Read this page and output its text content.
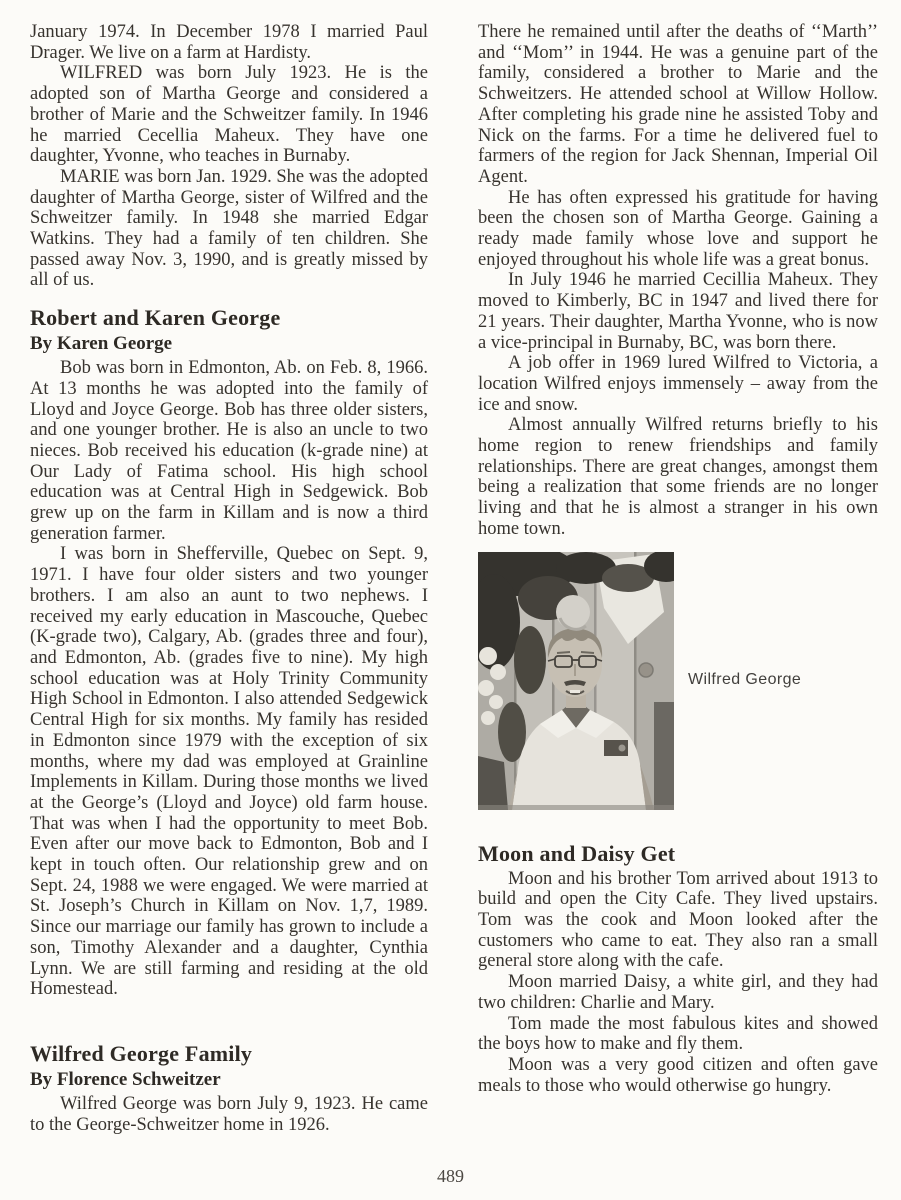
January 1974. In December 1978 I married Paul Drager. We live on a farm at Hardisty.

WILFRED was born July 1923. He is the adopted son of Martha George and considered a brother of Marie and the Schweitzer family. In 1946 he married Cecellia Maheux. They have one daughter, Yvonne, who teaches in Burnaby.

MARIE was born Jan. 1929. She was the adopted daughter of Martha George, sister of Wilfred and the Schweitzer family. In 1948 she married Edgar Watkins. They had a family of ten children. She passed away Nov. 3, 1990, and is greatly missed by all of us.

Robert and Karen George
By Karen George

Bob was born in Edmonton, Ab. on Feb. 8, 1966. At 13 months he was adopted into the family of Lloyd and Joyce George. Bob has three older sisters, and one younger brother. He is also an uncle to two nieces. Bob received his education (k-grade nine) at Our Lady of Fatima school. His high school education was at Central High in Sedgewick. Bob grew up on the farm in Killam and is now a third generation farmer.

I was born in Shefferville, Quebec on Sept. 9, 1971. I have four older sisters and two younger brothers. I am also an aunt to two nephews. I received my early education in Mascouche, Quebec (K-grade two), Calgary, Ab. (grades three and four), and Edmonton, Ab. (grades five to nine). My high school education was at Holy Trinity Community High School in Edmonton. I also attended Sedgewick Central High for six months. My family has resided in Edmonton since 1979 with the exception of six months, where my dad was employed at Grainline Implements in Killam. During those months we lived at the George’s (Lloyd and Joyce) old farm house. That was when I had the opportunity to meet Bob. Even after our move back to Edmonton, Bob and I kept in touch often. Our relationship grew and on Sept. 24, 1988 we were engaged. We were married at St. Joseph’s Church in Killam on Nov. 1,7, 1989. Since our marriage our family has grown to include a son, Timothy Alexander and a daughter, Cynthia Lynn. We are still farming and residing at the old Homestead.

Wilfred George Family
By Florence Schweitzer

Wilfred George was born July 9, 1923. He came to the George-Schweitzer home in 1926.

There he remained until after the deaths of ‘‘Marth’’ and ‘‘Mom’’ in 1944. He was a genuine part of the family, considered a brother to Marie and the Schweitzers. He attended school at Willow Hollow. After completing his grade nine he assisted Toby and Nick on the farms. For a time he delivered fuel to farmers of the region for Jack Shennan, Imperial Oil Agent.

He has often expressed his gratitude for having been the chosen son of Martha George. Gaining a ready made family whose love and support he enjoyed throughout his whole life was a great bonus.

In July 1946 he married Cecillia Maheux. They moved to Kimberly, BC in 1947 and lived there for 21 years. Their daughter, Martha Yvonne, who is now a vice-principal in Burnaby, BC, was born there.

A job offer in 1969 lured Wilfred to Victoria, a location Wilfred enjoys immensely – away from the ice and snow.

Almost annually Wilfred returns briefly to his home region to renew friendships and family relationships. There are great changes, amongst them being a realization that some friends are no longer living and that he is almost a stranger in his own home town.

Wilfred George
Moon and Daisy Get

Moon and his brother Tom arrived about 1913 to build and open the City Cafe. They lived upstairs. Tom was the cook and Moon looked after the customers who came to eat. They also ran a small general store along with the cafe.

Moon married Daisy, a white girl, and they had two children: Charlie and Mary.

Tom made the most fabulous kites and showed the boys how to make and fly them.

Moon was a very good citizen and often gave meals to those who would otherwise go hungry.

489
